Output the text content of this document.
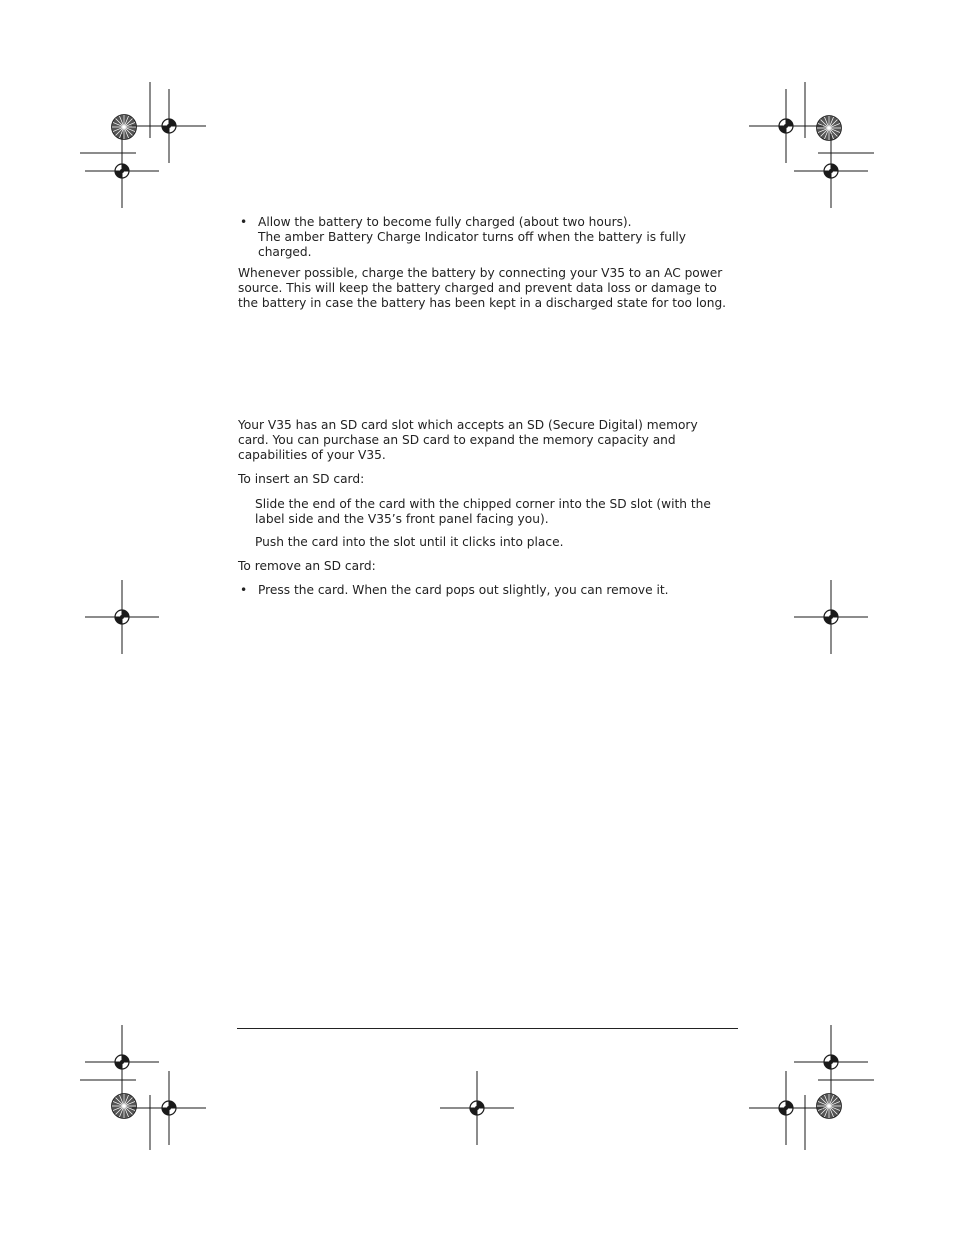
• Allow the battery to become fully charged (about two hours).
The amber Battery Charge Indicator turns off when the battery is fully
charged.
Whenever possible, charge the battery by connecting your V35 to an AC power
source. This will keep the battery charged and prevent data loss or damage to
the battery in case the battery has been kept in a discharged state for too long.
Your V35 has an SD card slot which accepts an SD (Secure Digital) memory
card. You can purchase an SD card to expand the memory capacity and
capabilities of your V35.
To insert an SD card:
Slide the end of the card with the chipped corner into the SD slot (with the
label side and the V35’s front panel facing you).
Push the card into the slot until it clicks into place.
To remove an SD card:
• Press the card. When the card pops out slightly, you can remove it.
